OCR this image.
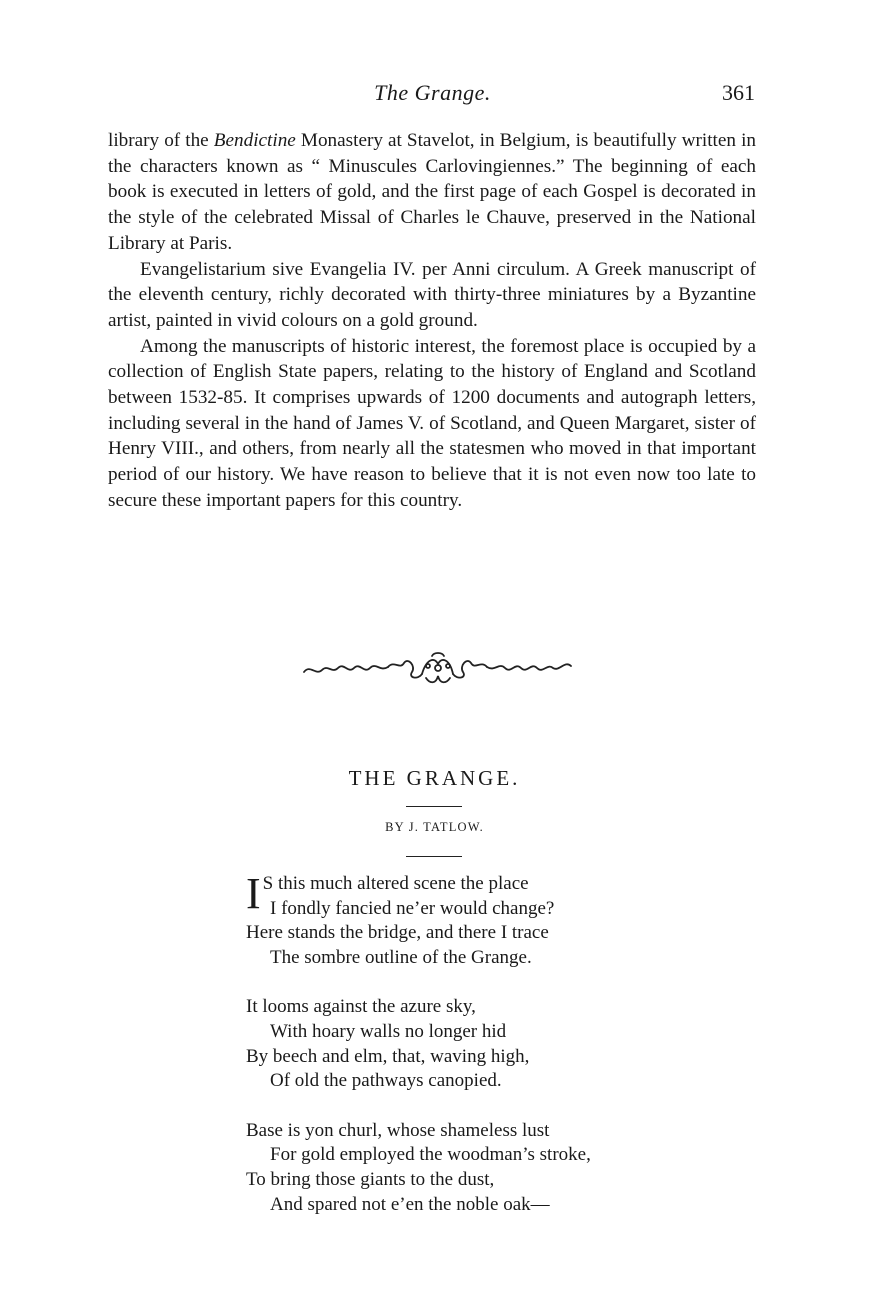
The Grange.	361

library of the Bendictine Monastery at Stavelot, in Belgium, is beautifully written in the characters known as “ Minuscules Carlovingiennes.” The beginning of each book is executed in letters of gold, and the first page of each Gospel is decorated in the style of the celebrated Missal of Charles le Chauve, preserved in the National Library at Paris.

Evangelistarium sive Evangelia IV. per Anni circulum. A Greek manuscript of the eleventh century, richly decorated with thirty-three miniatures by a Byzantine artist, painted in vivid colours on a gold ground.

Among the manuscripts of historic interest, the foremost place is occupied by a collection of English State papers, relating to the history of England and Scotland between 1532-85. It comprises upwards of 1200 documents and autograph letters, including several in the hand of James V. of Scotland, and Queen Margaret, sister of Henry VIII., and others, from nearly all the statesmen who moved in that important period of our history. We have reason to believe that it is not even now too late to secure these important papers for this country.

THE GRANGE.
BY J. TATLOW.
I S this much altered scene the place
I fondly fancied ne’er would change?
Here stands the bridge, and there I trace
The sombre outline of the Grange.
It looms against the azure sky,
With hoary walls no longer hid
By beech and elm, that, waving high,
Of old the pathways canopied.
Base is yon churl, whose shameless lust
For gold employed the woodman’s stroke,
To bring those giants to the dust,
And spared not e’en the noble oak—
